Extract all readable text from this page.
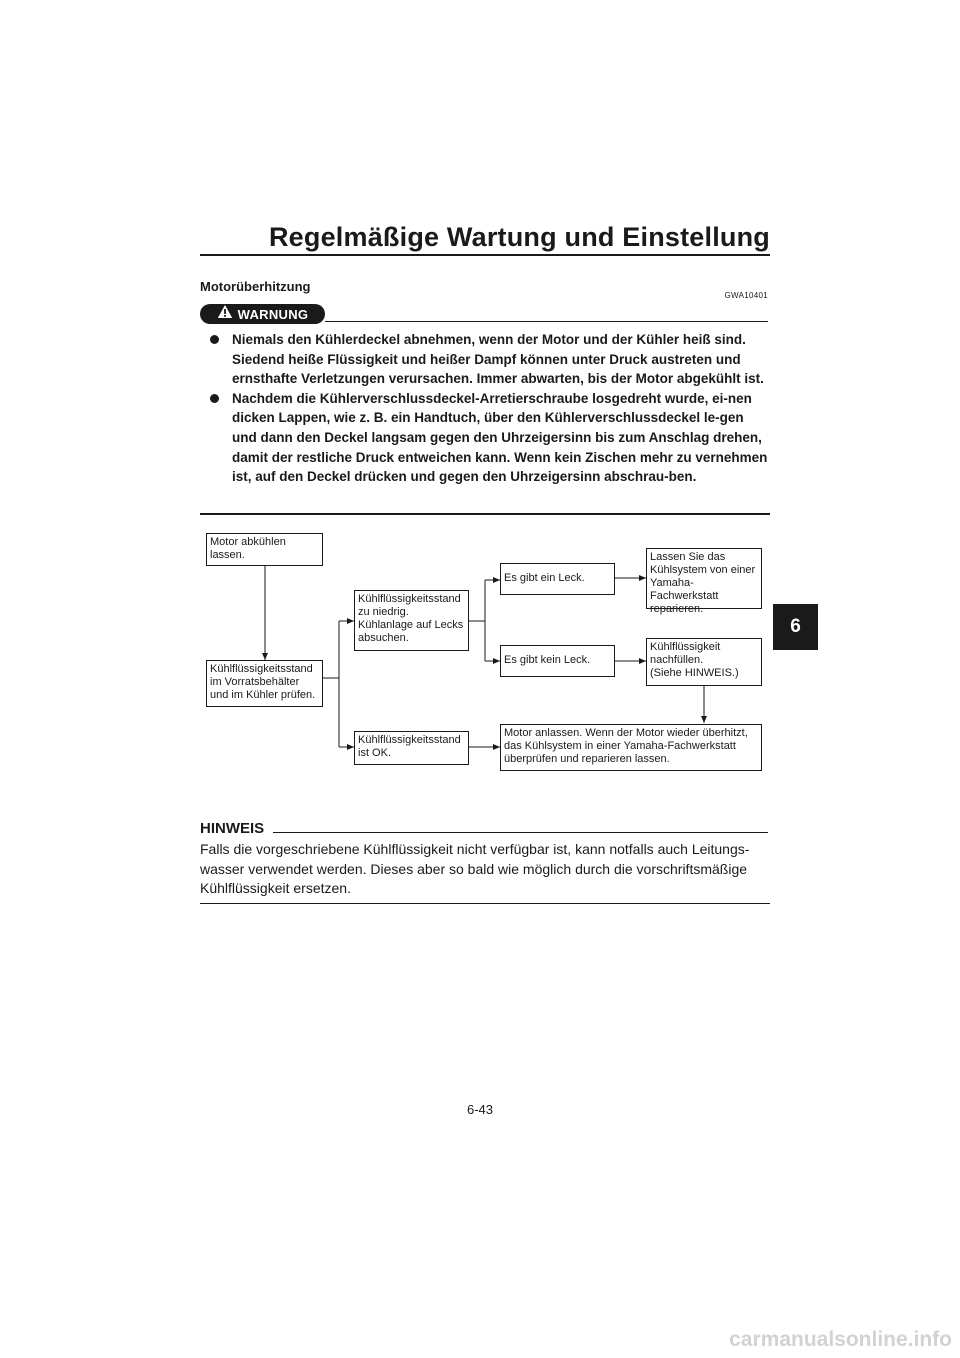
Regelmäßige Wartung und Einstellung
6
Motorüberhitzung
GWA10401
WARNUNG
Niemals den Kühlerdeckel abnehmen, wenn der Motor und der Kühler heiß sind. Siedend heiße Flüssigkeit und heißer Dampf können unter Druck austreten und ernsthafte Verletzungen verursachen. Immer abwarten, bis der Motor abgekühlt ist.
Nachdem die Kühlerverschlussdeckel-Arretierschraube losgedreht wurde, ei-nen dicken Lappen, wie z. B. ein Handtuch, über den Kühlerverschlussdeckel le-gen und dann den Deckel langsam gegen den Uhrzeigersinn bis zum Anschlag drehen, damit der restliche Druck entweichen kann. Wenn kein Zischen mehr zu vernehmen ist, auf den Deckel drücken und gegen den Uhrzeigersinn abschrau-ben.
Motor abkühlen
lassen.
Kühlflüssigkeitsstand
im Vorratsbehälter
und im Kühler prüfen.
Kühlflüssigkeitsstand
zu niedrig.
Kühlanlage auf Lecks
absuchen.
Kühlflüssigkeitsstand
ist OK.
Es gibt ein Leck.
Es gibt kein Leck.
Lassen Sie das
Kühlsystem von einer
Yamaha-Fachwerkstatt
reparieren.
Kühlflüssigkeit
nachfüllen.
(Siehe HINWEIS.)
Motor anlassen. Wenn der Motor wieder überhitzt,
das Kühlsystem in einer Yamaha-Fachwerkstatt
überprüfen und reparieren lassen.
HINWEIS

Falls die vorgeschriebene Kühlflüssigkeit nicht verfügbar ist, kann notfalls auch Leitungs-wasser verwendet werden. Dieses aber so bald wie möglich durch die vorschriftsmäßige Kühlflüssigkeit ersetzen.

6-43
carmanualsonline.info
